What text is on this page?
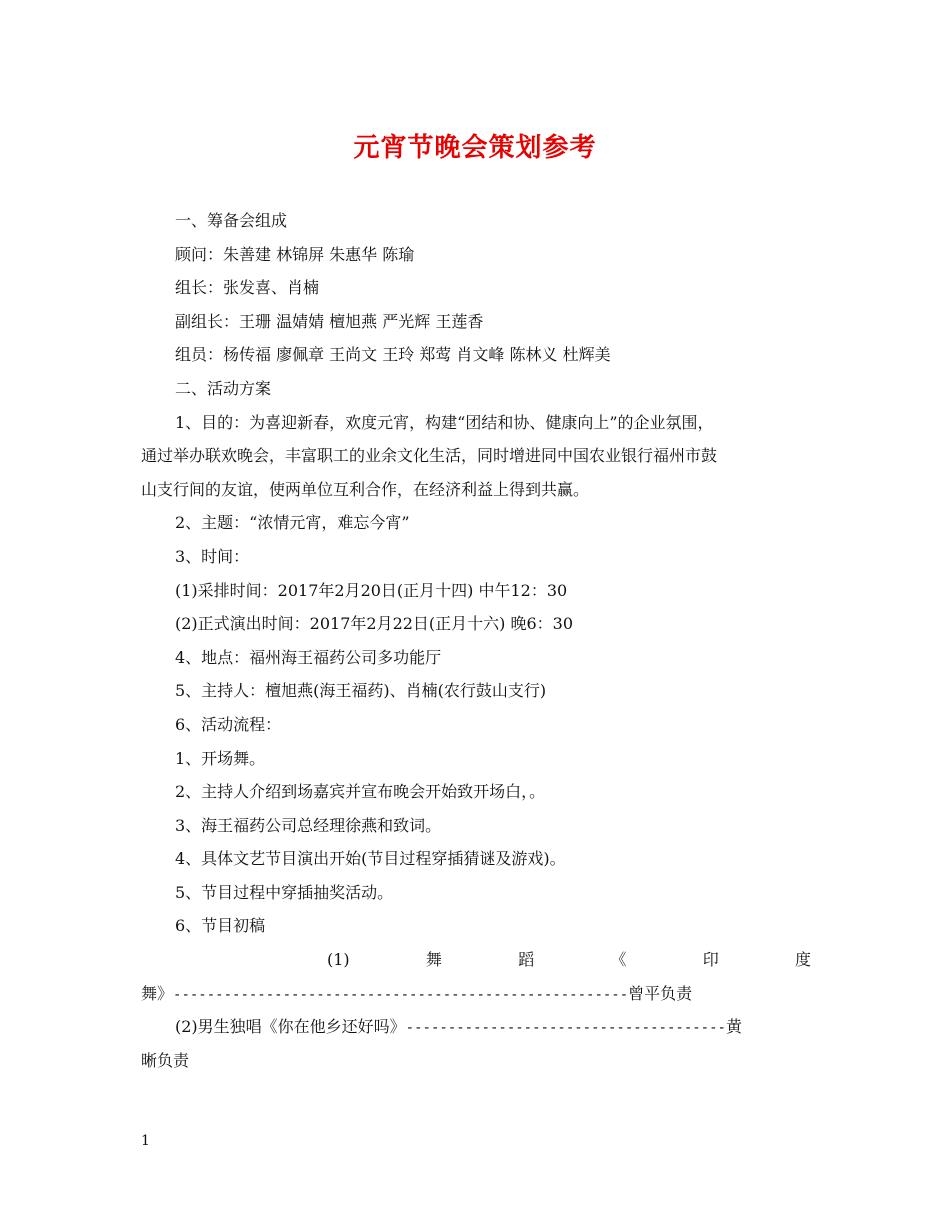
元宵节晚会策划参考
一、筹备会组成
顾问：朱善建 林锦屏 朱惠华 陈瑜
组长：张发喜、肖楠
副组长：王珊 温婧婧 檀旭燕 严光辉 王莲香
组员：杨传福 廖佩章 王尚文 王玲 郑莺 肖文峰 陈林义 杜辉美
二、活动方案
1、目的：为喜迎新春，欢度元宵，构建“团结和协、健康向上”的企业氛围，
通过举办联欢晚会，丰富职工的业余文化生活，同时增进同中国农业银行福州市鼓
山支行间的友谊，使两单位互利合作，在经济利益上得到共赢。
2、主题：“浓情元宵，难忘今宵”
3、时间：
(1)采排时间：2017年2月20日(正月十四) 中午12：30
(2)正式演出时间：2017年2月22日(正月十六) 晚6：30
4、地点：福州海王福药公司多功能厅
5、主持人：檀旭燕(海王福药)、肖楠(农行鼓山支行)
6、活动流程：
1、开场舞。
2、主持人介绍到场嘉宾并宣布晚会开始致开场白，。
3、海王福药公司总经理徐燕和致词。
4、具体文艺节目演出开始(节目过程穿插猜谜及游戏)。
5、节目过程中穿插抽奖活动。
6、节目初稿
(1)	舞	蹈	《	印	度
舞》------------------------------------------------------曾平负责
(2)男生独唱《你在他乡还好吗》--------------------------------------黄
晰负责
1
